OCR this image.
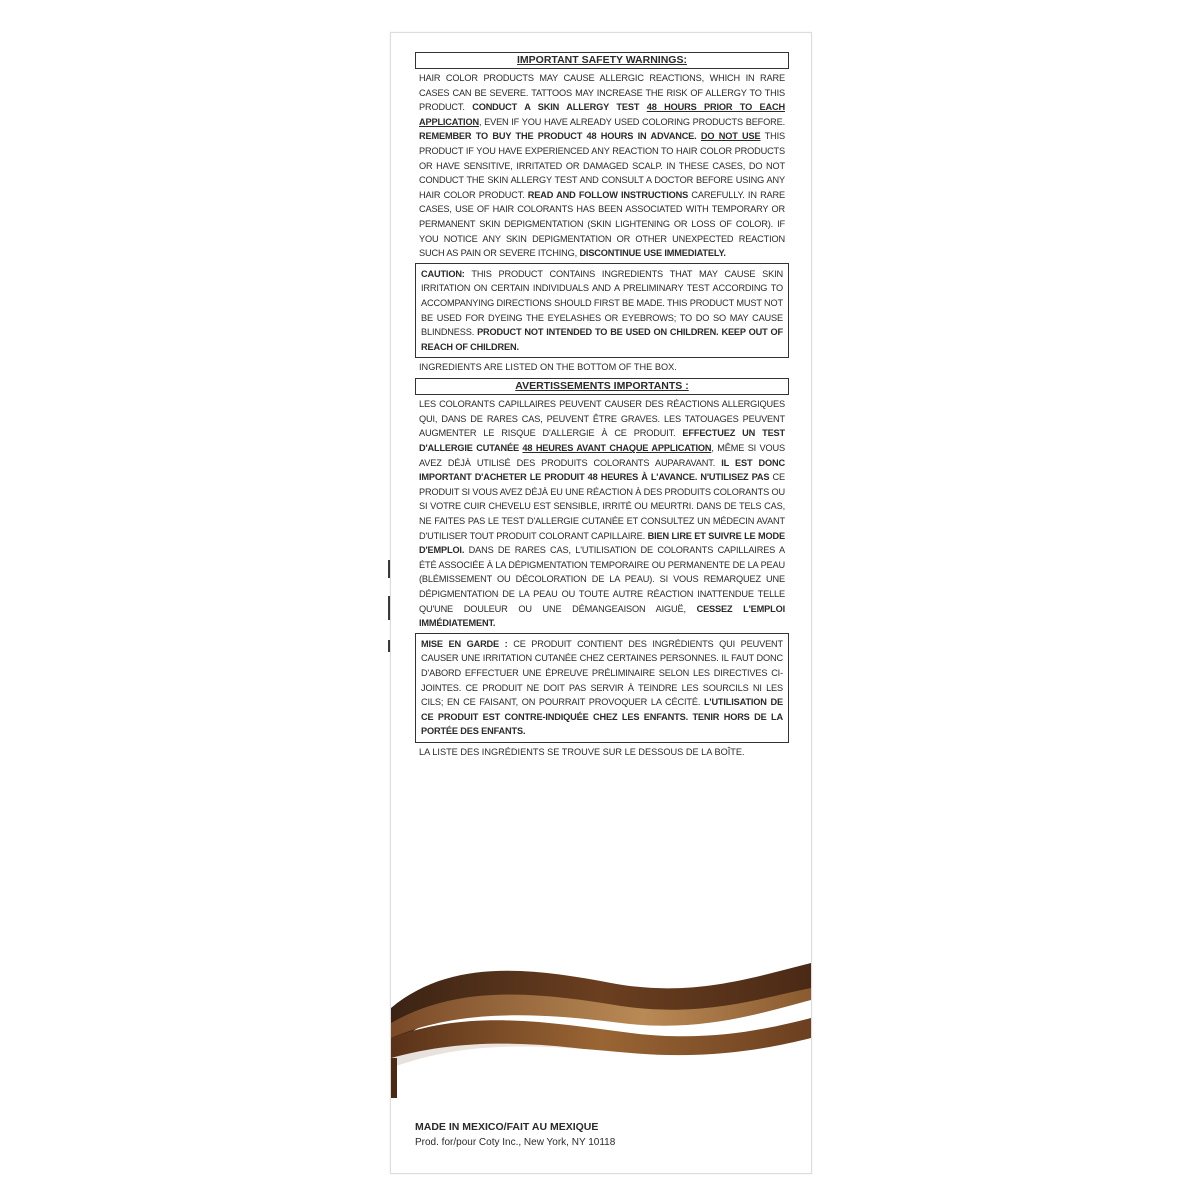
IMPORTANT SAFETY WARNINGS:

HAIR COLOR PRODUCTS MAY CAUSE ALLERGIC REACTIONS, WHICH IN RARE CASES CAN BE SEVERE. TATTOOS MAY INCREASE THE RISK OF ALLERGY TO THIS PRODUCT. CONDUCT A SKIN ALLERGY TEST 48 HOURS PRIOR TO EACH APPLICATION, EVEN IF YOU HAVE ALREADY USED COLORING PRODUCTS BEFORE. REMEMBER TO BUY THE PRODUCT 48 HOURS IN ADVANCE. DO NOT USE THIS PRODUCT IF YOU HAVE EXPERIENCED ANY REACTION TO HAIR COLOR PRODUCTS OR HAVE SENSITIVE, IRRITATED OR DAMAGED SCALP. IN THESE CASES, DO NOT CONDUCT THE SKIN ALLERGY TEST AND CONSULT A DOCTOR BEFORE USING ANY HAIR COLOR PRODUCT. READ AND FOLLOW INSTRUCTIONS CAREFULLY. IN RARE CASES, USE OF HAIR COLORANTS HAS BEEN ASSOCIATED WITH TEMPORARY OR PERMANENT SKIN DEPIGMENTATION (SKIN LIGHTENING OR LOSS OF COLOR). IF YOU NOTICE ANY SKIN DEPIGMENTATION OR OTHER UNEXPECTED REACTION SUCH AS PAIN OR SEVERE ITCHING, DISCONTINUE USE IMMEDIATELY.

CAUTION: THIS PRODUCT CONTAINS INGREDIENTS THAT MAY CAUSE SKIN IRRITATION ON CERTAIN INDIVIDUALS AND A PRELIMINARY TEST ACCORDING TO ACCOMPANYING DIRECTIONS SHOULD FIRST BE MADE. THIS PRODUCT MUST NOT BE USED FOR DYEING THE EYELASHES OR EYEBROWS; TO DO SO MAY CAUSE BLINDNESS. PRODUCT NOT INTENDED TO BE USED ON CHILDREN. KEEP OUT OF REACH OF CHILDREN.

INGREDIENTS ARE LISTED ON THE BOTTOM OF THE BOX.

AVERTISSEMENTS IMPORTANTS :

LES COLORANTS CAPILLAIRES PEUVENT CAUSER DES RÉACTIONS ALLERGIQUES QUI, DANS DE RARES CAS, PEUVENT ÊTRE GRAVES. LES TATOUAGES PEUVENT AUGMENTER LE RISQUE D'ALLERGIE À CE PRODUIT. EFFECTUEZ UN TEST D'ALLERGIE CUTANÉE 48 HEURES AVANT CHAQUE APPLICATION, MÊME SI VOUS AVEZ DÉJÀ UTILISÉ DES PRODUITS COLORANTS AUPARAVANT. IL EST DONC IMPORTANT D'ACHETER LE PRODUIT 48 HEURES À L'AVANCE. N'UTILISEZ PAS CE PRODUIT SI VOUS AVEZ DÉJÀ EU UNE RÉACTION À DES PRODUITS COLORANTS OU SI VOTRE CUIR CHEVELU EST SENSIBLE, IRRITÉ OU MEURTRI. DANS DE TELS CAS, NE FAITES PAS LE TEST D'ALLERGIE CUTANÉE ET CONSULTEZ UN MÉDECIN AVANT D'UTILISER TOUT PRODUIT COLORANT CAPILLAIRE. BIEN LIRE ET SUIVRE LE MODE D'EMPLOI. DANS DE RARES CAS, L'UTILISATION DE COLORANTS CAPILLAIRES A ÉTÉ ASSOCIÉE À LA DÉPIGMENTATION TEMPORAIRE OU PERMANENTE DE LA PEAU (BLÉMISSEMENT OU DÉCOLORATION DE LA PEAU). SI VOUS REMARQUEZ UNE DÉPIGMENTATION DE LA PEAU OU TOUTE AUTRE RÉACTION INATTENDUE TELLE QU'UNE DOULEUR OU UNE DÉMANGEAISON AIGUË, CESSEZ L'EMPLOI IMMÉDIATEMENT.

MISE EN GARDE : CE PRODUIT CONTIENT DES INGRÉDIENTS QUI PEUVENT CAUSER UNE IRRITATION CUTANÉE CHEZ CERTAINES PERSONNES. IL FAUT DONC D'ABORD EFFECTUER UNE ÉPREUVE PRÉLIMINAIRE SELON LES DIRECTIVES CI-JOINTES. CE PRODUIT NE DOIT PAS SERVIR À TEINDRE LES SOURCILS NI LES CILS; EN CE FAISANT, ON POURRAIT PROVOQUER LA CÉCITÉ. L'UTILISATION DE CE PRODUIT EST CONTRE-INDIQUÉE CHEZ LES ENFANTS. TENIR HORS DE LA PORTÉE DES ENFANTS.

LA LISTE DES INGRÉDIENTS SE TROUVE SUR LE DESSOUS DE LA BOÎTE.

MADE IN MEXICO/FAIT AU MEXIQUE

Prod. for/pour Coty Inc., New York, NY 10118
